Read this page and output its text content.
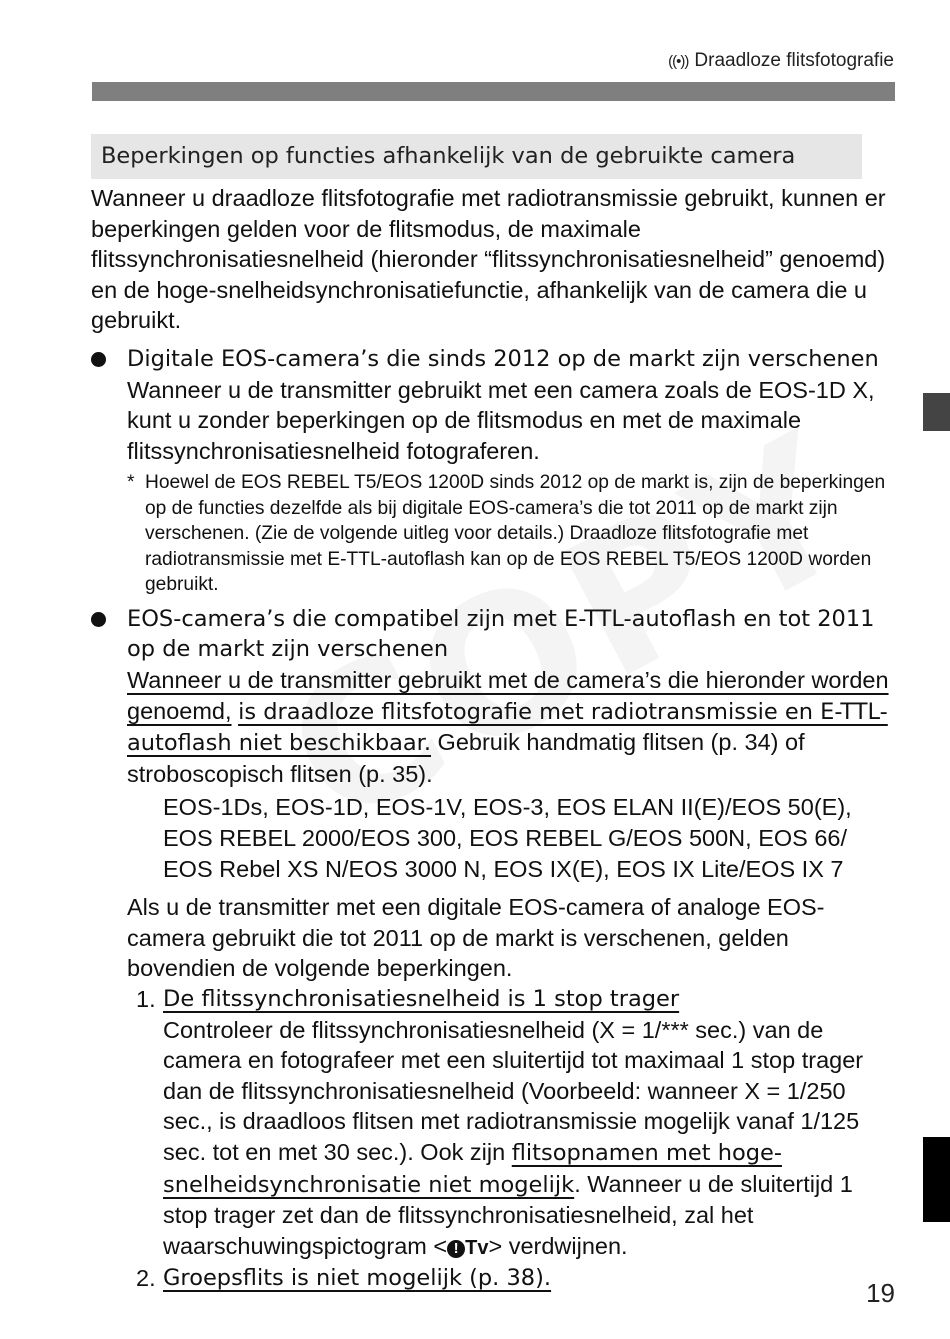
((•)) Draadloze flitsfotografie
Beperkingen op functies afhankelijk van de gebruikte camera

Wanneer u draadloze flitsfotografie met radiotransmissie gebruikt, kunnen er beperkingen gelden voor de flitsmodus, de maximale flitssynchronisatiesnelheid (hieronder “flitssynchronisatiesnelheid” genoemd) en de hoge-snelheidsynchronisatiefunctie, afhankelijk van de camera die u gebruikt.

Digitale EOS-camera’s die sinds 2012 op de markt zijn verschenen

Wanneer u de transmitter gebruikt met een camera zoals de EOS-1D X, kunt u zonder beperkingen op de flitsmodus en met de maximale flitssynchronisatiesnelheid fotograferen.

* Hoewel de EOS REBEL T5/EOS 1200D sinds 2012 op de markt is, zijn de beperkingen op de functies dezelfde als bij digitale EOS-camera’s die tot 2011 op de markt zijn verschenen. (Zie de volgende uitleg voor details.) Draadloze flitsfotografie met radiotransmissie met E-TTL-autoflash kan op de EOS REBEL T5/EOS 1200D worden gebruikt.

EOS-camera’s die compatibel zijn met E-TTL-autoflash en tot 2011 op de markt zijn verschenen

Wanneer u de transmitter gebruikt met de camera’s die hieronder worden genoemd, is draadloze flitsfotografie met radiotransmissie en E-TTL-autoflash niet beschikbaar. Gebruik handmatig flitsen (p. 34) of stroboscopisch flitsen (p. 35).

EOS-1Ds, EOS-1D, EOS-1V, EOS-3, EOS ELAN II(E)/EOS 50(E), EOS REBEL 2000/EOS 300, EOS REBEL G/EOS 500N, EOS 66/ EOS Rebel XS N/EOS 3000 N, EOS IX(E), EOS IX Lite/EOS IX 7

Als u de transmitter met een digitale EOS-camera of analoge EOS-camera gebruikt die tot 2011 op de markt is verschenen, gelden bovendien de volgende beperkingen.

1. De flitssynchronisatiesnelheid is 1 stop trager

Controleer de flitssynchronisatiesnelheid (X = 1/*** sec.) van de camera en fotografeer met een sluitertijd tot maximaal 1 stop trager dan de flitssynchronisatiesnelheid (Voorbeeld: wanneer X = 1/250 sec., is draadloos flitsen met radiotransmissie mogelijk vanaf 1/125 sec. tot en met 30 sec.). Ook zijn flitsopnamen met hoge-snelheidsynchronisatie niet mogelijk. Wanneer u de sluitertijd 1 stop trager zet dan de flitssynchronisatiesnelheid, zal het waarschuwingspictogram < ! Tv> verdwijnen.

2. Groepsflits is niet mogelijk (p. 38).	19
